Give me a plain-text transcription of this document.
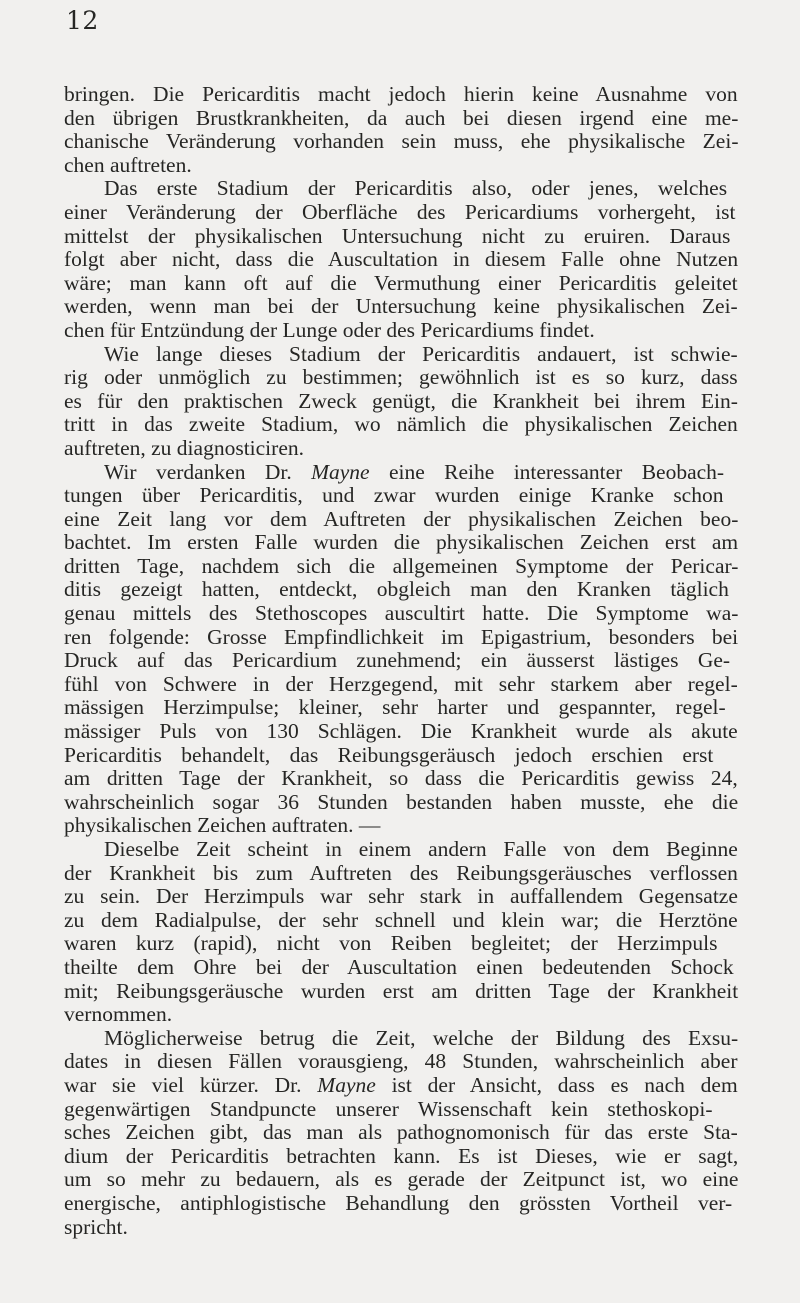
12
bringen. Die Pericarditis macht jedoch hierin keine Ausnahme von
den übrigen Brustkrankheiten, da auch bei diesen irgend eine me-
chanische Veränderung vorhanden sein muss, ehe physikalische Zei-
chen auftreten.
Das erste Stadium der Pericarditis also, oder jenes, welches
einer Veränderung der Oberfläche des Pericardiums vorhergeht, ist
mittelst der physikalischen Untersuchung nicht zu eruiren. Daraus
folgt aber nicht, dass die Auscultation in diesem Falle ohne Nutzen
wäre; man kann oft auf die Vermuthung einer Pericarditis geleitet
werden, wenn man bei der Untersuchung keine physikalischen Zei-
chen für Entzündung der Lunge oder des Pericardiums findet.
Wie lange dieses Stadium der Pericarditis andauert, ist schwie-
rig oder unmöglich zu bestimmen; gewöhnlich ist es so kurz, dass
es für den praktischen Zweck genügt, die Krankheit bei ihrem Ein-
tritt in das zweite Stadium, wo nämlich die physikalischen Zeichen
auftreten, zu diagnosticiren.
Wir verdanken Dr. Mayne eine Reihe interessanter Beobach-
tungen über Pericarditis, und zwar wurden einige Kranke schon
eine Zeit lang vor dem Auftreten der physikalischen Zeichen beo-
bachtet. Im ersten Falle wurden die physikalischen Zeichen erst am
dritten Tage, nachdem sich die allgemeinen Symptome der Pericar-
ditis gezeigt hatten, entdeckt, obgleich man den Kranken täglich
genau mittels des Stethoscopes auscultirt hatte. Die Symptome wa-
ren folgende: Grosse Empfindlichkeit im Epigastrium, besonders bei
Druck auf das Pericardium zunehmend; ein äusserst lästiges Ge-
fühl von Schwere in der Herzgegend, mit sehr starkem aber regel-
mässigen Herzimpulse; kleiner, sehr harter und gespannter, regel-
mässiger Puls von 130 Schlägen. Die Krankheit wurde als akute
Pericarditis behandelt, das Reibungsgeräusch jedoch erschien erst
am dritten Tage der Krankheit, so dass die Pericarditis gewiss 24,
wahrscheinlich sogar 36 Stunden bestanden haben musste, ehe die
physikalischen Zeichen auftraten. —
Dieselbe Zeit scheint in einem andern Falle von dem Beginne
der Krankheit bis zum Auftreten des Reibungsgeräusches verflossen
zu sein. Der Herzimpuls war sehr stark in auffallendem Gegensatze
zu dem Radialpulse, der sehr schnell und klein war; die Herztöne
waren kurz (rapid), nicht von Reiben begleitet; der Herzimpuls
theilte dem Ohre bei der Auscultation einen bedeutenden Schock
mit; Reibungsgeräusche wurden erst am dritten Tage der Krankheit
vernommen.
Möglicherweise betrug die Zeit, welche der Bildung des Exsu-
dates in diesen Fällen vorausgieng, 48 Stunden, wahrscheinlich aber
war sie viel kürzer. Dr. Mayne ist der Ansicht, dass es nach dem
gegenwärtigen Standpuncte unserer Wissenschaft kein stethoskopi-
sches Zeichen gibt, das man als pathognomonisch für das erste Sta-
dium der Pericarditis betrachten kann. Es ist Dieses, wie er sagt,
um so mehr zu bedauern, als es gerade der Zeitpunct ist, wo eine
energische, antiphlogistische Behandlung den grössten Vortheil ver-
spricht.
